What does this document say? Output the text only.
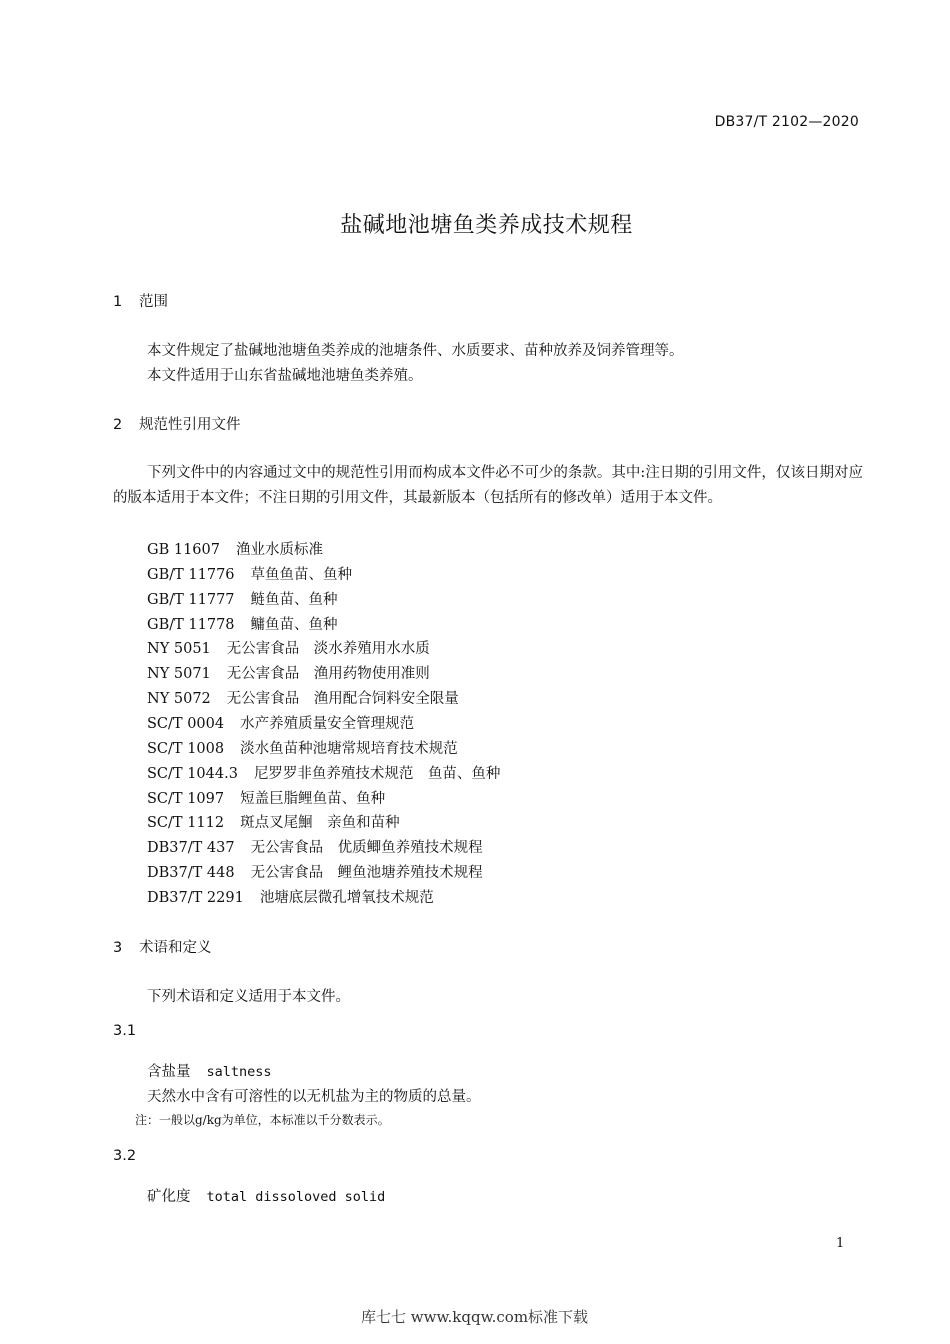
DB37/T 2102—2020
盐碱地池塘鱼类养成技术规程
1 范围
本文件规定了盐碱地池塘鱼类养成的池塘条件、水质要求、苗种放养及饲养管理等。
本文件适用于山东省盐碱地池塘鱼类养殖。
2 规范性引用文件
下列文件中的内容通过文中的规范性引用而构成本文件必不可少的条款。其中:注日期的引用文件，仅该日期对应的版本适用于本文件；不注日期的引用文件，其最新版本（包括所有的修改单）适用于本文件。
GB 11607 渔业水质标准
GB/T 11776 草鱼鱼苗、鱼种
GB/T 11777 鲢鱼苗、鱼种
GB/T 11778 鳙鱼苗、鱼种
NY 5051 无公害食品　淡水养殖用水水质
NY 5071 无公害食品　渔用药物使用准则
NY 5072 无公害食品　渔用配合饲料安全限量
SC/T 0004 水产养殖质量安全管理规范
SC/T 1008 淡水鱼苗种池塘常规培育技术规范
SC/T 1044.3 尼罗罗非鱼养殖技术规范　鱼苗、鱼种
SC/T 1097 短盖巨脂鲤鱼苗、鱼种
SC/T 1112 斑点叉尾鮰　亲鱼和苗种
DB37/T 437 无公害食品　优质鲫鱼养殖技术规程
DB37/T 448 无公害食品　鲤鱼池塘养殖技术规程
DB37/T 2291 池塘底层微孔增氧技术规范
3 术语和定义
下列术语和定义适用于本文件。
3.1
含盐量 saltness
天然水中含有可溶性的以无机盐为主的物质的总量。
注：一般以g/kg为单位，本标准以千分数表示。
3.2
矿化度 total dissoloved solid
1
库七七 www.kqqw.com标准下载
